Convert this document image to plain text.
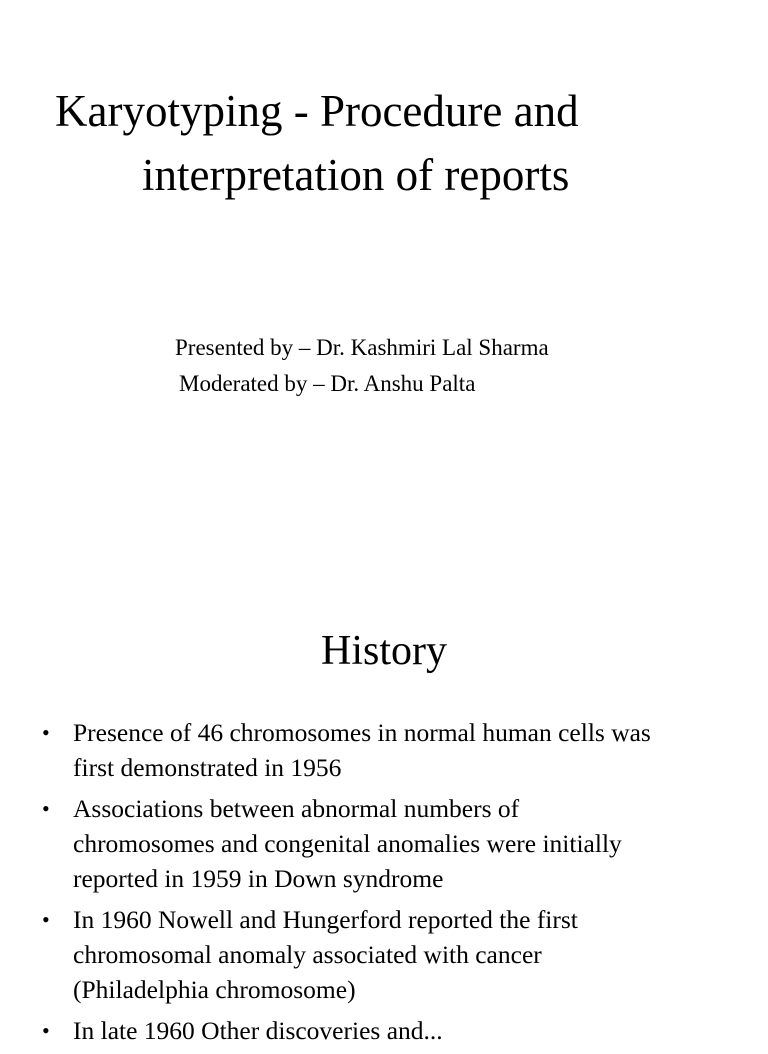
Karyotyping - Procedure and
interpretation of reports
Presented by – Dr. Kashmiri Lal Sharma
Moderated by – Dr. Anshu Palta
History
• Presence of 46 chromosomes in normal human cells was
first demonstrated in 1956
• Associations between abnormal numbers of
chromosomes and congenital anomalies were initially
reported in 1959 in Down syndrome
• In 1960 Nowell and Hungerford reported the first
chromosomal anomaly associated with cancer
(Philadelphia chromosome)
• In late 1960 Other discoveries and...
